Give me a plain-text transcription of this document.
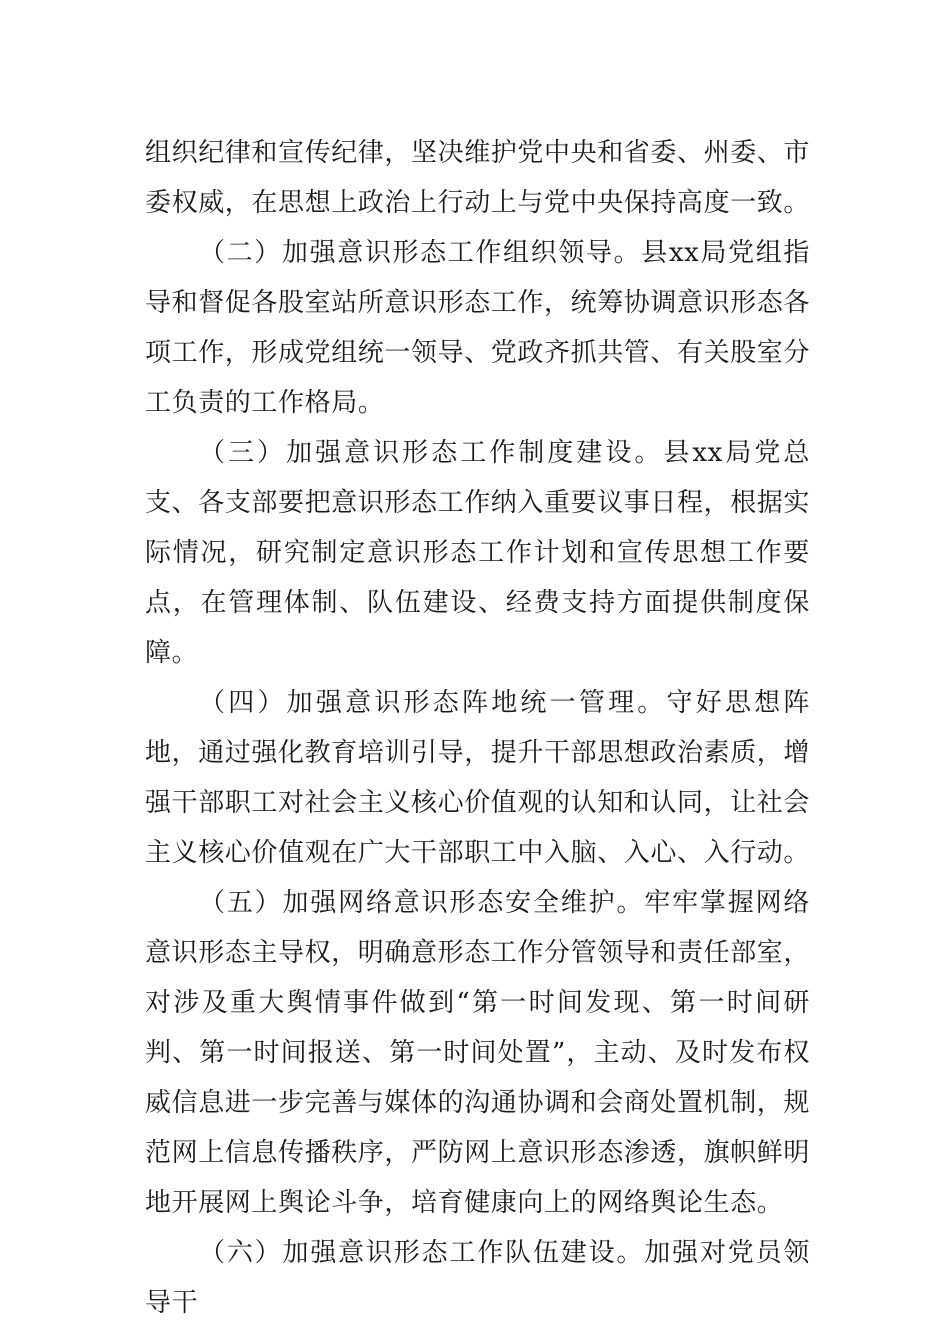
组织纪律和宣传纪律，坚决维护党中央和省委、州委、市委权威，在思想上政治上行动上与党中央保持高度一致。

（二）加强意识形态工作组织领导。县xx局党组指导和督促各股室站所意识形态工作，统筹协调意识形态各项工作，形成党组统一领导、党政齐抓共管、有关股室分工负责的工作格局。

（三）加强意识形态工作制度建设。县xx局党总支、各支部要把意识形态工作纳入重要议事日程，根据实际情况，研究制定意识形态工作计划和宣传思想工作要点，在管理体制、队伍建设、经费支持方面提供制度保障。

（四）加强意识形态阵地统一管理。守好思想阵地，通过强化教育培训引导，提升干部思想政治素质，增强干部职工对社会主义核心价值观的认知和认同，让社会主义核心价值观在广大干部职工中入脑、入心、入行动。

（五）加强网络意识形态安全维护。牢牢掌握网络意识形态主导权，明确意形态工作分管领导和责任部室，对涉及重大舆情事件做到“第一时间发现、第一时间研判、第一时间报送、第一时间处置”，主动、及时发布权威信息进一步完善与媒体的沟通协调和会商处置机制，规范网上信息传播秩序，严防网上意识形态渗透，旗帜鲜明地开展网上舆论斗争，培育健康向上的网络舆论生态。

（六）加强意识形态工作队伍建设。加强对党员领导干
